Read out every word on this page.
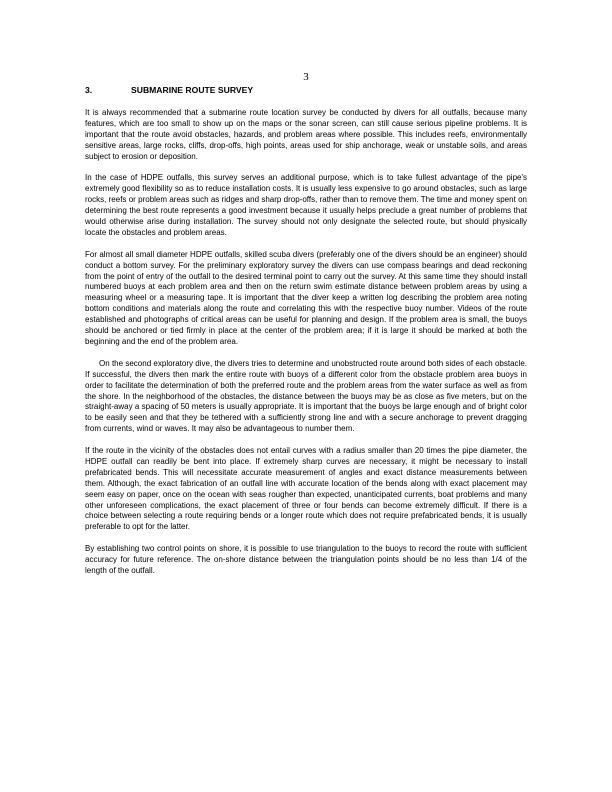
3
3.	SUBMARINE ROUTE SURVEY

It is always recommended that a submarine route location survey be conducted by divers for all outfalls, because many features, which are too small to show up on the maps or the sonar screen, can still cause serious pipeline problems. It is important that the route avoid obstacles, hazards, and problem areas where possible. This includes reefs, environmentally sensitive areas, large rocks, cliffs, drop-offs, high points, areas used for ship anchorage, weak or unstable soils, and areas subject to erosion or deposition.

In the case of HDPE outfalls, this survey serves an additional purpose, which is to take fullest advantage of the pipe's extremely good flexibility so as to reduce installation costs. It is usually less expensive to go around obstacles, such as large rocks, reefs or problem areas such as ridges and sharp drop-offs, rather than to remove them. The time and money spent on determining the best route represents a good investment because it usually helps preclude a great number of problems that would otherwise arise during installation. The survey should not only designate the selected route, but should physically locate the obstacles and problem areas.

For almost all small diameter HDPE outfalls, skilled scuba divers (preferably one of the divers should be an engineer) should conduct a bottom survey. For the preliminary exploratory survey the divers can use compass bearings and dead reckoning from the point of entry of the outfall to the desired terminal point to carry out the survey. At this same time they should install numbered buoys at each problem area and then on the return swim estimate distance between problem areas by using a measuring wheel or a measuring tape. It is important that the diver keep a written log describing the problem area noting bottom conditions and materials along the route and correlating this with the respective buoy number. Videos of the route established and photographs of critical areas can be useful for planning and design. If the problem area is small, the buoys should be anchored or tied firmly in place at the center of the problem area; if it is large it should be marked at both the beginning and the end of the problem area.

On the second exploratory dive, the divers tries to determine and unobstructed route around both sides of each obstacle. If successful, the divers then mark the entire route with buoys of a different color from the obstacle problem area buoys in order to facilitate the determination of both the preferred route and the problem areas from the water surface as well as from the shore. In the neighborhood of the obstacles, the distance between the buoys may be as close as five meters, but on the straight-away a spacing of 50 meters is usually appropriate. It is important that the buoys be large enough and of bright color to be easily seen and that they be tethered with a sufficiently strong line and with a secure anchorage to prevent dragging from currents, wind or waves. It may also be advantageous to number them.

If the route in the vicinity of the obstacles does not entail curves with a radius smaller than 20 times the pipe diameter, the HDPE outfall can readily be bent into place. If extremely sharp curves are necessary, it might be necessary to install prefabricated bends. This will necessitate accurate measurement of angles and exact distance measurements between them. Although, the exact fabrication of an outfall line with accurate location of the bends along with exact placement may seem easy on paper, once on the ocean with seas rougher than expected, unanticipated currents, boat problems and many other unforeseen complications, the exact placement of three or four bends can become extremely difficult. If there is a choice between selecting a route requiring bends or a longer route which does not require prefabricated bends, it is usually preferable to opt for the latter.

By establishing two control points on shore, it is possible to use triangulation to the buoys to record the route with sufficient accuracy for future reference. The on-shore distance between the triangulation points should be no less than 1/4 of the length of the outfall.
